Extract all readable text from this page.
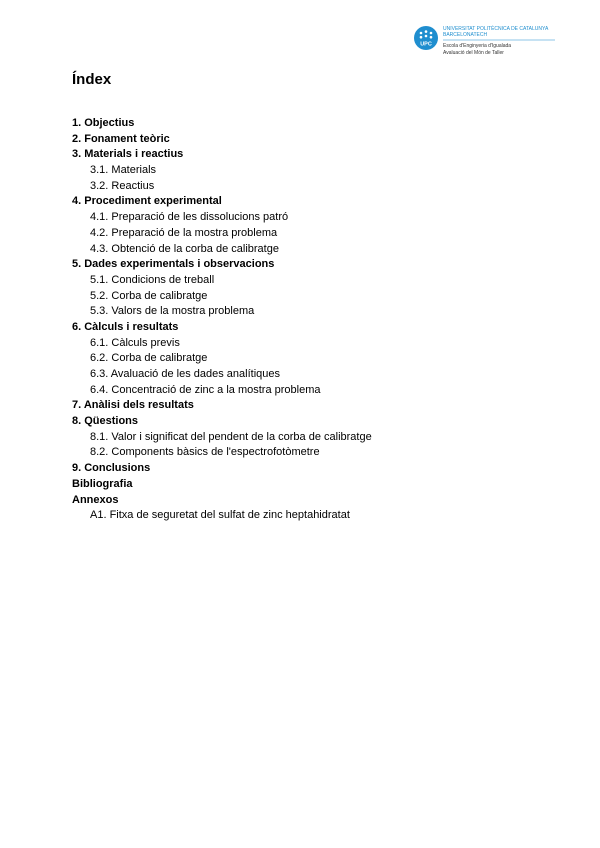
UPC
UNIVERSITAT POLITÈCNICA DE CATALUNYA
BARCELONATECH
Escola d'Enginyeria d'Igualada
Avaluació del Món de Taller
Índex
1. Objectius
2. Fonament teòric
3. Materials i reactius
3.1. Materials
3.2. Reactius
4. Procediment experimental
4.1. Preparació de les dissolucions patró
4.2. Preparació de la mostra problema
4.3. Obtenció de la corba de calibratge
5. Dades experimentals i observacions
5.1. Condicions de treball
5.2. Corba de calibratge
5.3. Valors de la mostra problema
6. Càlculs i resultats
6.1. Càlculs previs
6.2. Corba de calibratge
6.3. Avaluació de les dades analítiques
6.4. Concentració de zinc a la mostra problema
7. Anàlisi dels resultats
8. Qüestions
8.1. Valor i significat del pendent de la corba de calibratge
8.2. Components bàsics de l'espectrofotòmetre
9. Conclusions
Bibliografia
Annexos
A1. Fitxa de seguretat del sulfat de zinc heptahidratat
